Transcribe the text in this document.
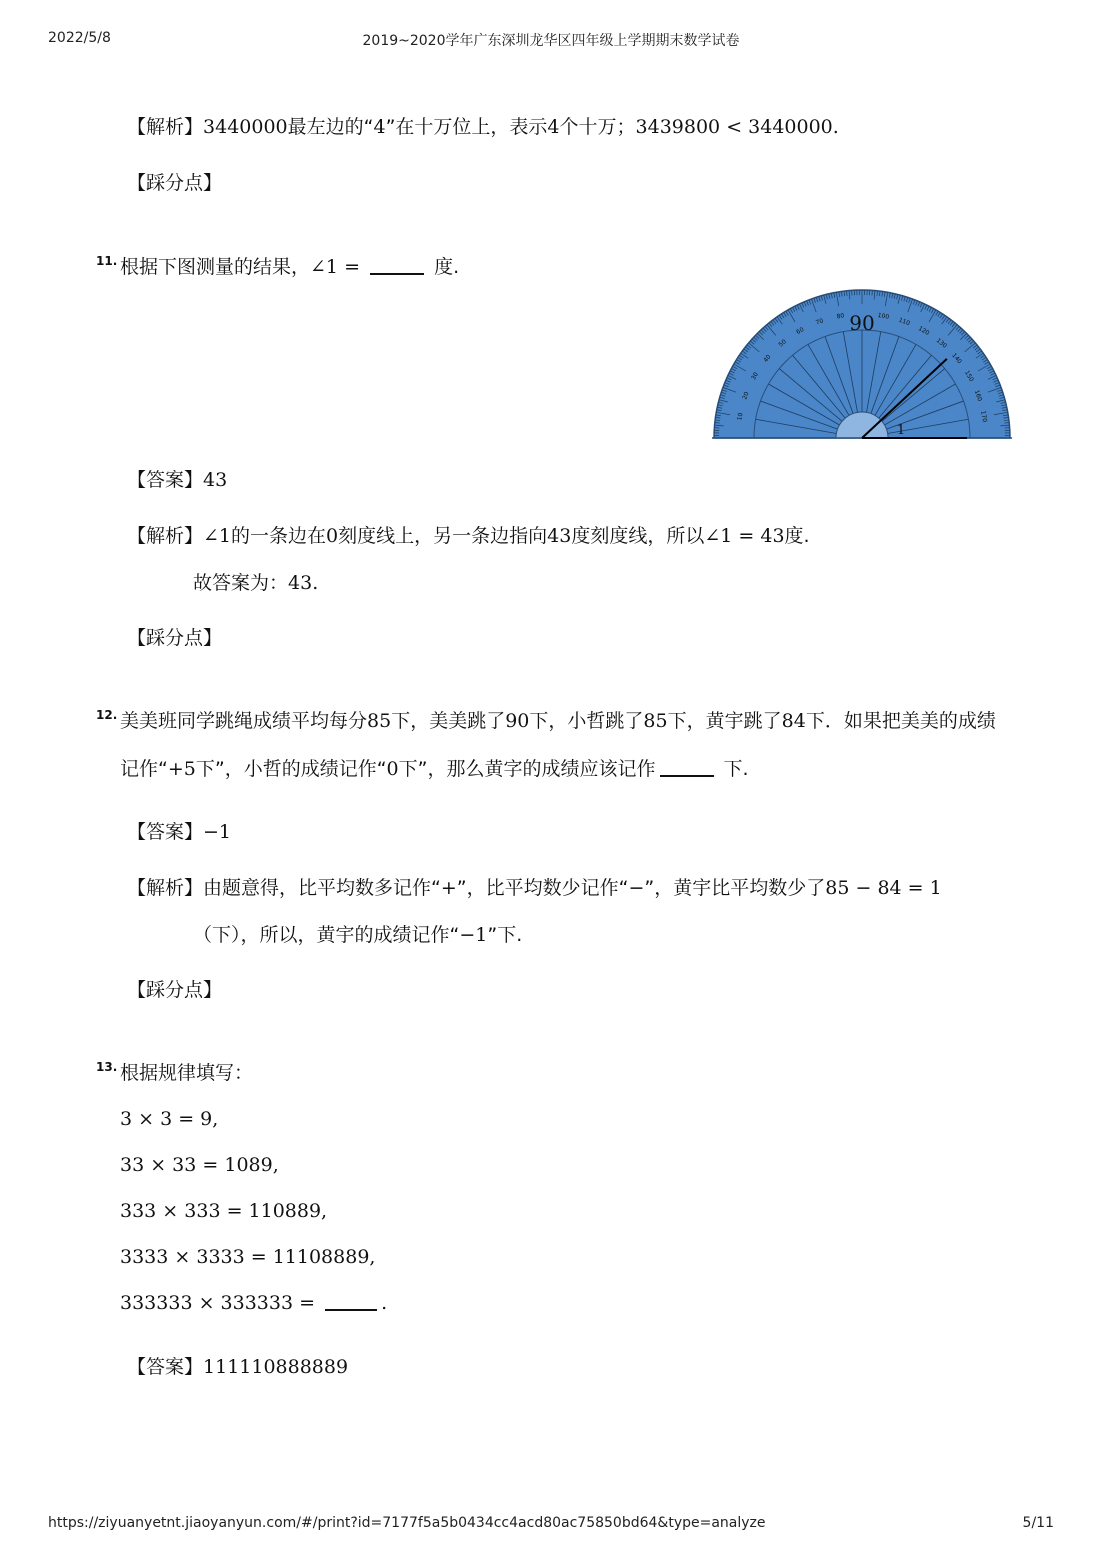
2022/5/8	2019~2020学年广东深圳龙华区四年级上学期期末数学试卷
【解析】3440000最左边的“4”在十万位上，表示4个十万；3439800 < 3440000.
【踩分点】
11. 根据下图测量的结果，∠1 =	度.
170
160
150
140
130
120
110
100
80
70
60
50
40
30
20
10
90
1
【答案】43
【解析】∠1的一条边在0刻度线上，另一条边指向43度刻度线，所以∠1 = 43度.
故答案为：43.
【踩分点】
12. 美美班同学跳绳成绩平均每分85下，美美跳了90下，小哲跳了85下，黄宇跳了84下．如果把美美的成绩
记作“+5下”，小哲的成绩记作“0下”，那么黄字的成绩应该记作	下.
【答案】−1
【解析】由题意得，比平均数多记作“+”，比平均数少记作“−”，黄宇比平均数少了85 − 84 = 1
（下），所以，黄宇的成绩记作“−1”下.
【踩分点】
13. 根据规律填写：
3 × 3 = 9,
33 × 33 = 1089,
333 × 333 = 110889,
3333 × 3333 = 11108889,
333333 × 333333 =	.
【答案】111110888889
https://ziyuanyetnt.jiaoyanyun.com/#/print?id=7177f5a5b0434cc4acd80ac75850bd64&type=analyze	5/11
